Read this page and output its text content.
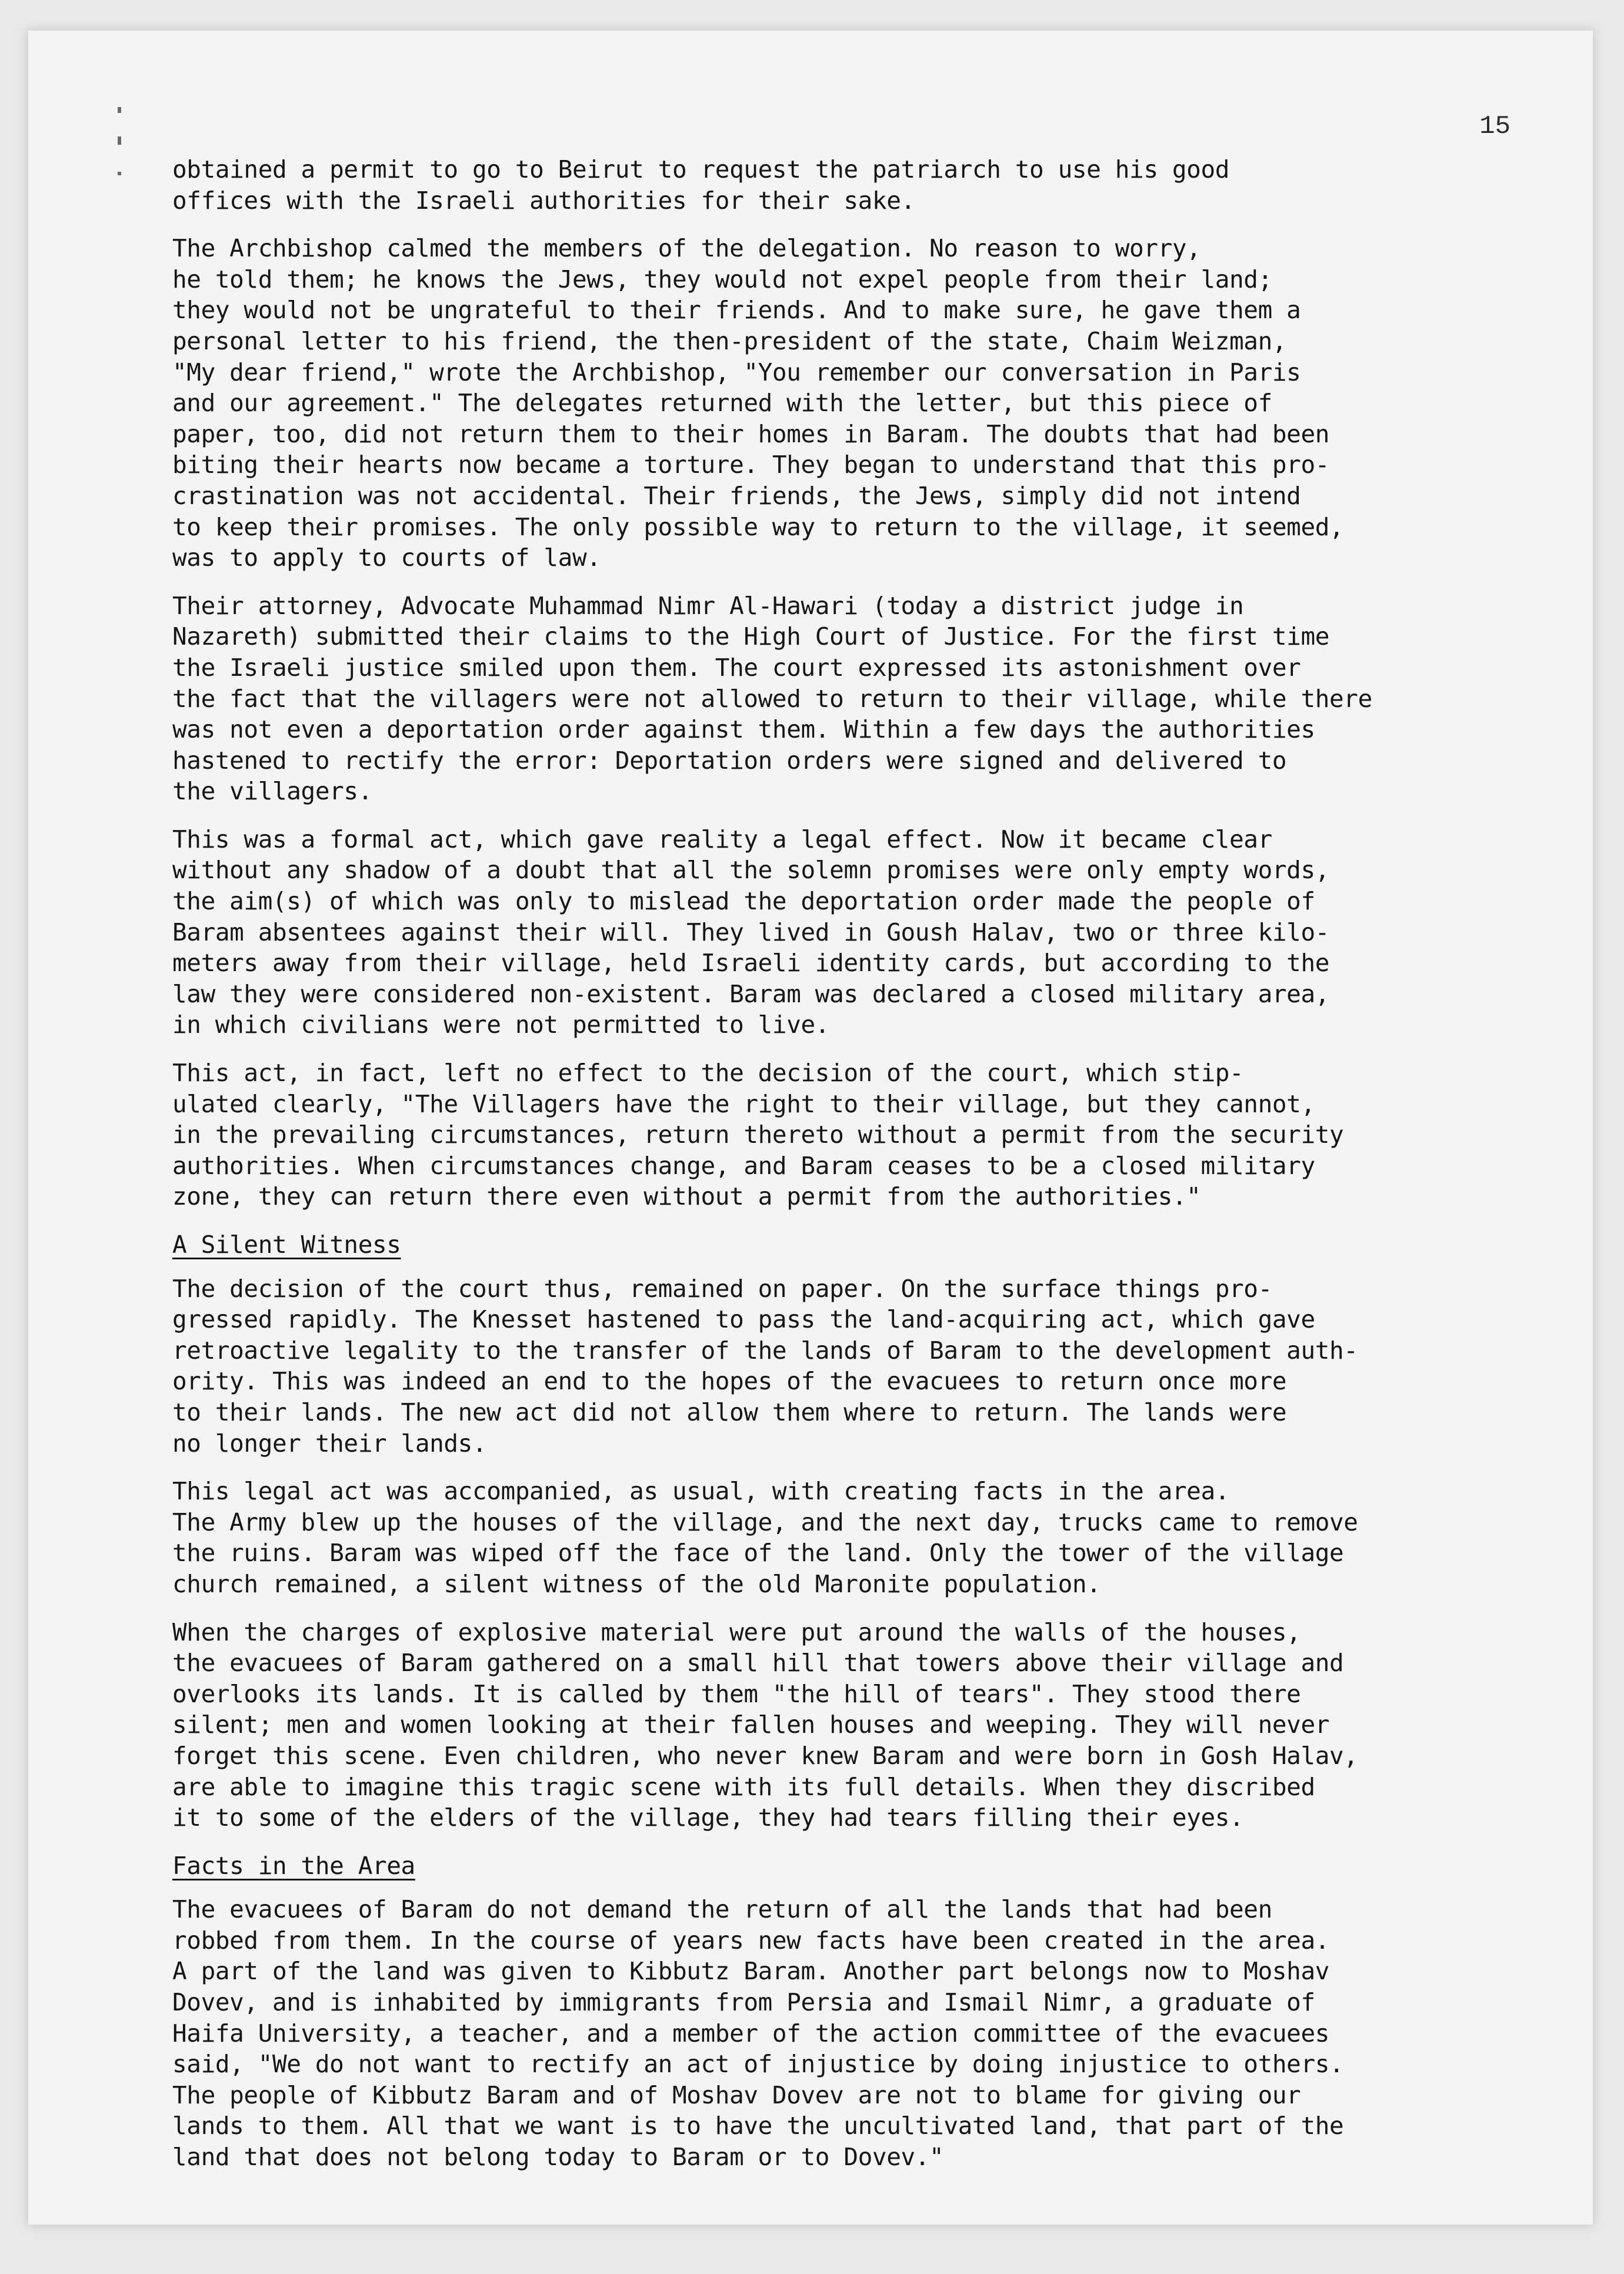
15

obtained a permit to go to Beirut to request the patriarch to use his good
offices with the Israeli authorities for their sake.

The Archbishop calmed the members of the delegation. No reason to worry,
he told them; he knows the Jews, they would not expel people from their land;
they would not be ungrateful to their friends. And to make sure, he gave them a
personal letter to his friend, the then-president of the state, Chaim Weizman,
"My dear friend," wrote the Archbishop, "You remember our conversation in Paris
and our agreement." The delegates returned with the letter, but this piece of
paper, too, did not return them to their homes in Baram. The doubts that had been
biting their hearts now became a torture. They began to understand that this pro-
crastination was not accidental. Their friends, the Jews, simply did not intend
to keep their promises. The only possible way to return to the village, it seemed,
was to apply to courts of law.

Their attorney, Advocate Muhammad Nimr Al-Hawari (today a district judge in
Nazareth) submitted their claims to the High Court of Justice. For the first time
the Israeli justice smiled upon them. The court expressed its astonishment over
the fact that the villagers were not allowed to return to their village, while there
was not even a deportation order against them. Within a few days the authorities
hastened to rectify the error: Deportation orders were signed and delivered to
the villagers.

This was a formal act, which gave reality a legal effect. Now it became clear
without any shadow of a doubt that all the solemn promises were only empty words,
the aim(s) of which was only to mislead the deportation order made the people of
Baram absentees against their will. They lived in Goush Halav, two or three kilo-
meters away from their village, held Israeli identity cards, but according to the
law they were considered non-existent. Baram was declared a closed military area,
in which civilians were not permitted to live.

This act, in fact, left no effect to the decision of the court, which stip-
ulated clearly, "The Villagers have the right to their village, but they cannot,
in the prevailing circumstances, return thereto without a permit from the security
authorities. When circumstances change, and Baram ceases to be a closed military
zone, they can return there even without a permit from the authorities."

A Silent Witness

The decision of the court thus, remained on paper. On the surface things pro-
gressed rapidly. The Knesset hastened to pass the land-acquiring act, which gave
retroactive legality to the transfer of the lands of Baram to the development auth-
ority. This was indeed an end to the hopes of the evacuees to return once more
to their lands. The new act did not allow them where to return. The lands were
no longer their lands.

This legal act was accompanied, as usual, with creating facts in the area.
The Army blew up the houses of the village, and the next day, trucks came to remove
the ruins. Baram was wiped off the face of the land. Only the tower of the village
church remained, a silent witness of the old Maronite population.

When the charges of explosive material were put around the walls of the houses,
the evacuees of Baram gathered on a small hill that towers above their village and
overlooks its lands. It is called by them "the hill of tears". They stood there
silent; men and women looking at their fallen houses and weeping. They will never
forget this scene. Even children, who never knew Baram and were born in Gosh Halav,
are able to imagine this tragic scene with its full details. When they discribed
it to some of the elders of the village, they had tears filling their eyes.

Facts in the Area

The evacuees of Baram do not demand the return of all the lands that had been
robbed from them. In the course of years new facts have been created in the area.
A part of the land was given to Kibbutz Baram. Another part belongs now to Moshav
Dovev, and is inhabited by immigrants from Persia and Ismail Nimr, a graduate of
Haifa University, a teacher, and a member of the action committee of the evacuees
said, "We do not want to rectify an act of injustice by doing injustice to others.
The people of Kibbutz Baram and of Moshav Dovev are not to blame for giving our
lands to them. All that we want is to have the uncultivated land, that part of the
land that does not belong today to Baram or to Dovev."
